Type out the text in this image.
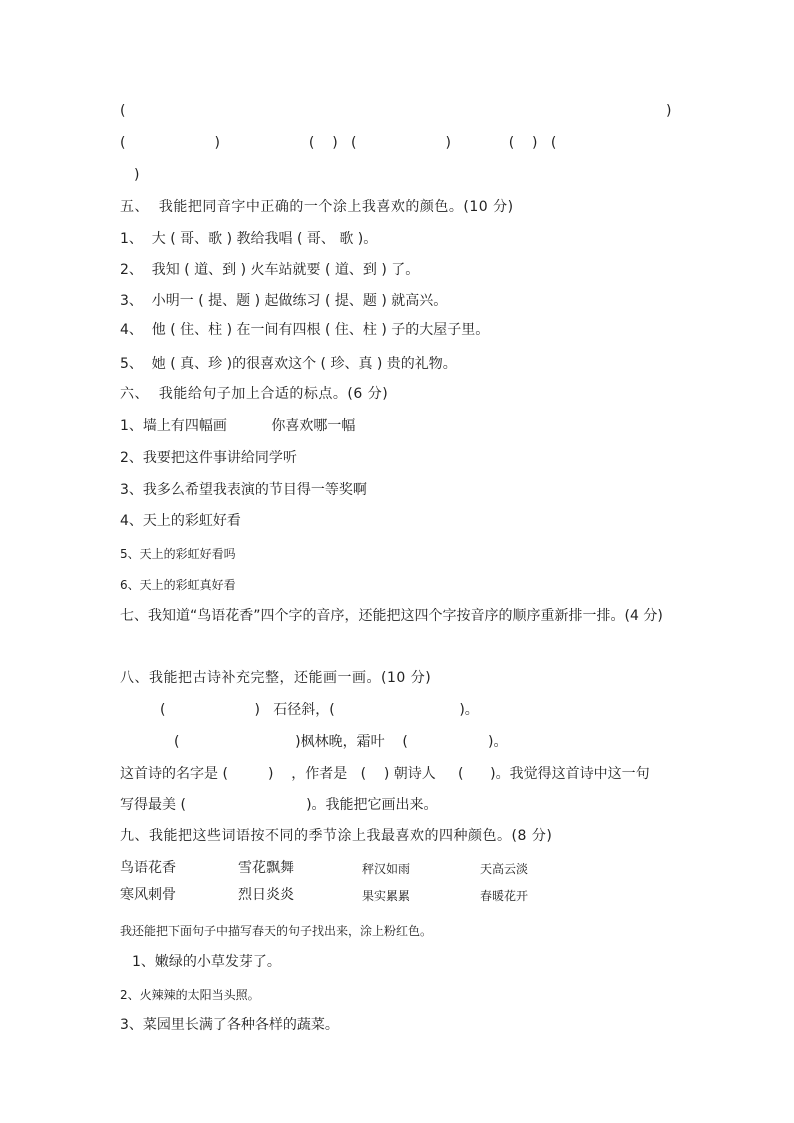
(	)
(                    )                    (    )   (                    )             (    )   (
)
五、  我能把同音字中正确的一个涂上我喜欢的颜色。(10 分)
1、  大 ( 哥、歌 ) 教给我唱 ( 哥、 歌 )。
2、  我知 ( 道、到 ) 火车站就要 ( 道、到 ) 了。
3、  小明一 ( 提、题 ) 起做练习 ( 提、题 ) 就高兴。
4、  他 ( 住、柱 ) 在一间有四根 ( 住、柱 ) 子的大屋子里。
5、  她 ( 真、珍 )的很喜欢这个 ( 珍、真 ) 贵的礼物。
六、  我能给句子加上合适的标点。(6 分)
1、墙上有四幅画          你喜欢哪一幅
2、我要把这件事讲给同学听
3、我多么希望我表演的节目得一等奖啊
4、天上的彩虹好看
5、天上的彩虹好看吗
6、天上的彩虹真好看
七、我知道“鸟语花香”四个字的音序，还能把这四个字按音序的顺序重新排一排。(4 分)
八、我能把古诗补充完整，还能画一画。(10 分)
(                    )   石径斜，(                            )。
(                          )枫林晚，霜叶    (                  )。
这首诗的名字是 (         )    ，作者是   (    ) 朝诗人     (      )。我觉得这首诗中这一句
写得最美 (                           )。我能把它画出来。
九、我能把这些词语按不同的季节涂上我最喜欢的四种颜色。(8 分)
鸟语花香	雪花飘舞	秤汉如雨	天高云淡
寒风刺骨	烈日炎炎	果实累累	春暖花开
我还能把下面句子中描写春天的句子找出来，涂上粉红色。
1、嫩绿的小草发芽了。
2、火辣辣的太阳当头照。
3、菜园里长满了各种各样的蔬菜。
